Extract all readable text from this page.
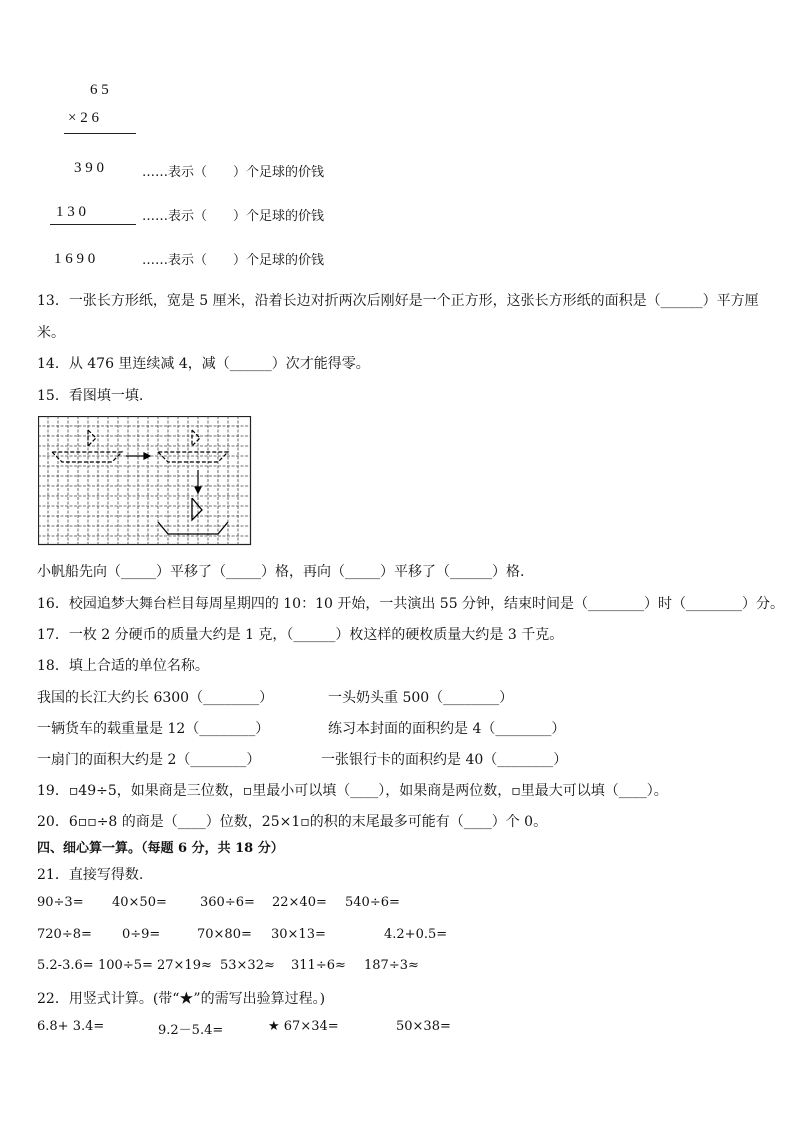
6 5
× 2 6
3 9 0	……表示（　　）个足球的价钱
1 3 0	……表示（　　）个足球的价钱
1 6 9 0	……表示（　　）个足球的价钱
13．一张长方形纸，宽是 5 厘米，沿着长边对折两次后刚好是一个正方形，这张长方形纸的面积是（______）平方厘
米。
14．从 476 里连续减 4，减（______）次才能得零。
15．看图填一填.
小帆船先向（_____）平移了（_____）格，再向（_____）平移了（______）格.
16．校园追梦大舞台栏目每周星期四的 10：10 开始，一共演出 55 分钟，结束时间是（________）时（________）分。
17．一枚 2 分硬币的质量大约是 1 克，（______）枚这样的硬枚质量大约是 3 千克。
18．填上合适的单位名称。
我国的长江大约长 6300（________）	一头奶头重 500（________）
一辆货车的载重量是 12（________）	练习本封面的面积约是 4（________）
一扇门的面积大约是 2（________）	一张银行卡的面积约是 40（________）
19．▫49÷5，如果商是三位数，▫里最小可以填（____），如果商是两位数，▫里最大可以填（____）。
20．6▫▫÷8 的商是（____）位数，25×1▫的积的末尾最多可能有（____）个 0。
四、细心算一算。（每题 6 分，共 18 分）
21．直接写得数.
90÷3= 40×50=	360÷6= 22×40= 540÷6=
720÷8= 0÷9=	70×80= 30×13=	4.2+0.5=
5.2-3.6= 100÷5= 27×19≈ 53×32≈ 311÷6≈ 187÷3≈
22．用竖式计算。(带“★”的需写出验算过程。)
6.8+ 3.4=	9.2－5.4=	★ 67×34=	50×38=
